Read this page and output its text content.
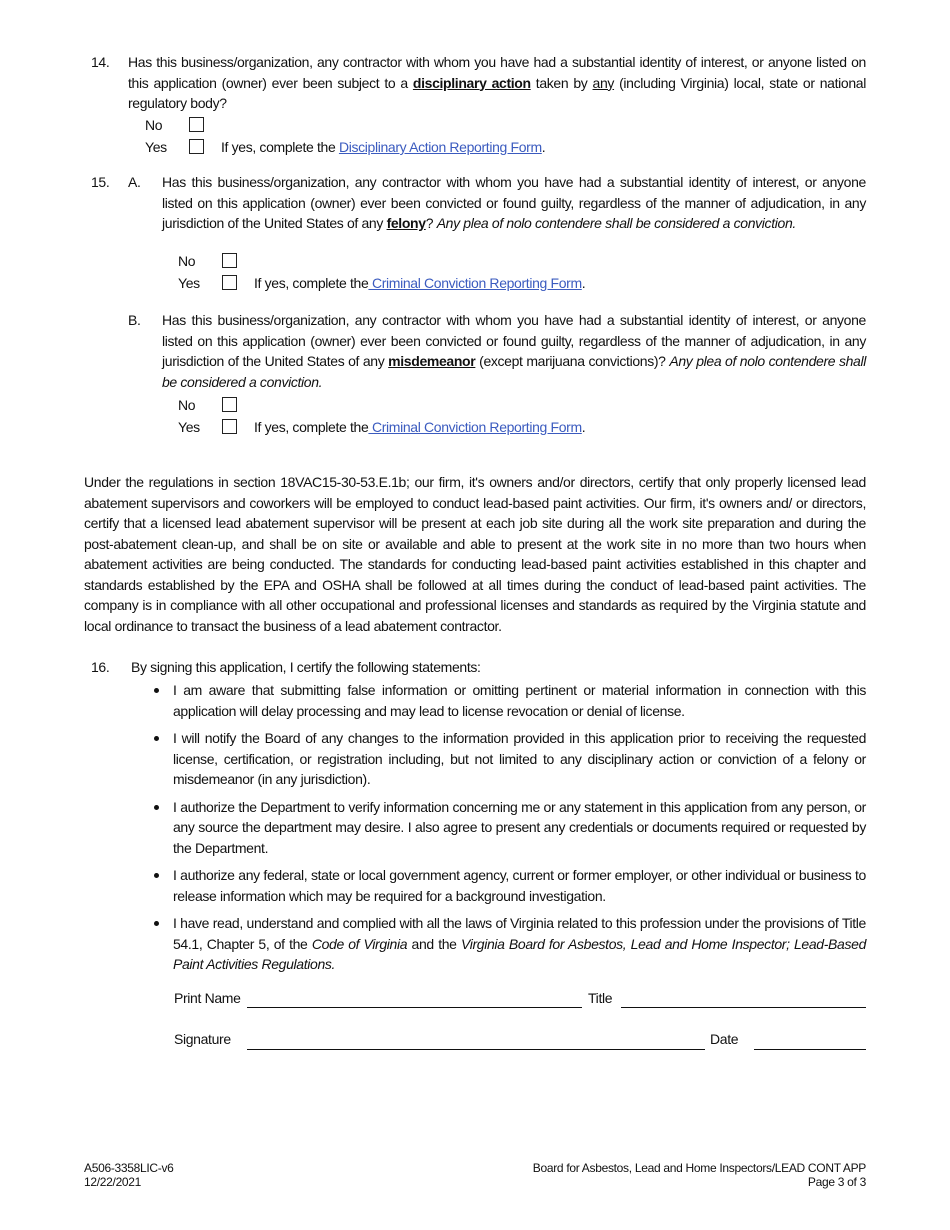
14. Has this business/organization, any contractor with whom you have had a substantial identity of interest, or anyone listed on this application (owner) ever been subject to a disciplinary action taken by any (including Virginia) local, state or national regulatory body?
No
Yes	If yes, complete the Disciplinary Action Reporting Form.
15. A. Has this business/organization, any contractor with whom you have had a substantial identity of interest, or anyone listed on this application (owner) ever been convicted or found guilty, regardless of the manner of adjudication, in any jurisdiction of the United States of any felony? Any plea of nolo contendere shall be considered a conviction.
No
Yes	If yes, complete the Criminal Conviction Reporting Form.
B. Has this business/organization, any contractor with whom you have had a substantial identity of interest, or anyone listed on this application (owner) ever been convicted or found guilty, regardless of the manner of adjudication, in any jurisdiction of the United States of any misdemeanor (except marijuana convictions)? Any plea of nolo contendere shall be considered a conviction.
No
Yes	If yes, complete the Criminal Conviction Reporting Form.
Under the regulations in section 18VAC15-30-53.E.1b; our firm, it's owners and/or directors, certify that only properly licensed lead abatement supervisors and coworkers will be employed to conduct lead-based paint activities. Our firm, it's owners and/ or directors, certify that a licensed lead abatement supervisor will be present at each job site during all the work site preparation and during the post-abatement clean-up, and shall be on site or available and able to present at the work site in no more than two hours when abatement activities are being conducted. The standards for conducting lead-based paint activities established in this chapter and standards established by the EPA and OSHA shall be followed at all times during the conduct of lead-based paint activities. The company is in compliance with all other occupational and professional licenses and standards as required by the Virginia statute and local ordinance to transact the business of a lead abatement contractor.
16. By signing this application, I certify the following statements:
I am aware that submitting false information or omitting pertinent or material information in connection with this application will delay processing and may lead to license revocation or denial of license.
I will notify the Board of any changes to the information provided in this application prior to receiving the requested license, certification, or registration including, but not limited to any disciplinary action or conviction of a felony or misdemeanor (in any jurisdiction).
I authorize the Department to verify information concerning me or any statement in this application from any person, or any source the department may desire. I also agree to present any credentials or documents required or requested by the Department.
I authorize any federal, state or local government agency, current or former employer, or other individual or business to release information which may be required for a background investigation.
I have read, understand and complied with all the laws of Virginia related to this profession under the provisions of Title 54.1, Chapter 5, of the Code of Virginia and the Virginia Board for Asbestos, Lead and Home Inspector; Lead-Based Paint Activities Regulations.
Print Name	Title
Signature	Date
A506-3358LIC-v6
12/22/2021
Board for Asbestos, Lead and Home Inspectors/LEAD CONT APP
Page 3 of 3
